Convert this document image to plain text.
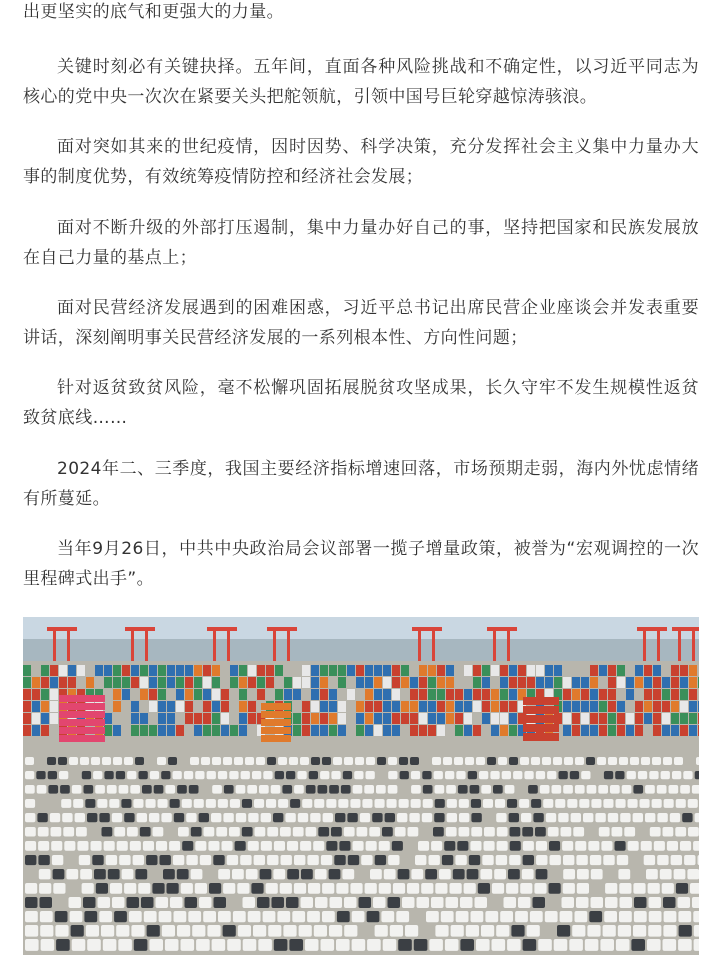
出更坚实的底气和更强大的力量。

关键时刻必有关键抉择。五年间，直面各种风险挑战和不确定性，以习近平同志为核心的党中央一次次在紧要关头把舵领航，引领中国号巨轮穿越惊涛骇浪。

面对突如其来的世纪疫情，因时因势、科学决策，充分发挥社会主义集中力量办大事的制度优势，有效统筹疫情防控和经济社会发展；

面对不断升级的外部打压遏制，集中力量办好自己的事，坚持把国家和民族发展放在自己力量的基点上；

面对民营经济发展遇到的困难困惑，习近平总书记出席民营企业座谈会并发表重要讲话，深刻阐明事关民营经济发展的一系列根本性、方向性问题；

针对返贫致贫风险，毫不松懈巩固拓展脱贫攻坚成果，长久守牢不发生规模性返贫致贫底线……

2024年二、三季度，我国主要经济指标增速回落，市场预期走弱，海内外忧虑情绪有所蔓延。

当年9月26日，中共中央政治局会议部署一揽子增量政策，被誉为“宏观调控的一次里程碑式出手”。
